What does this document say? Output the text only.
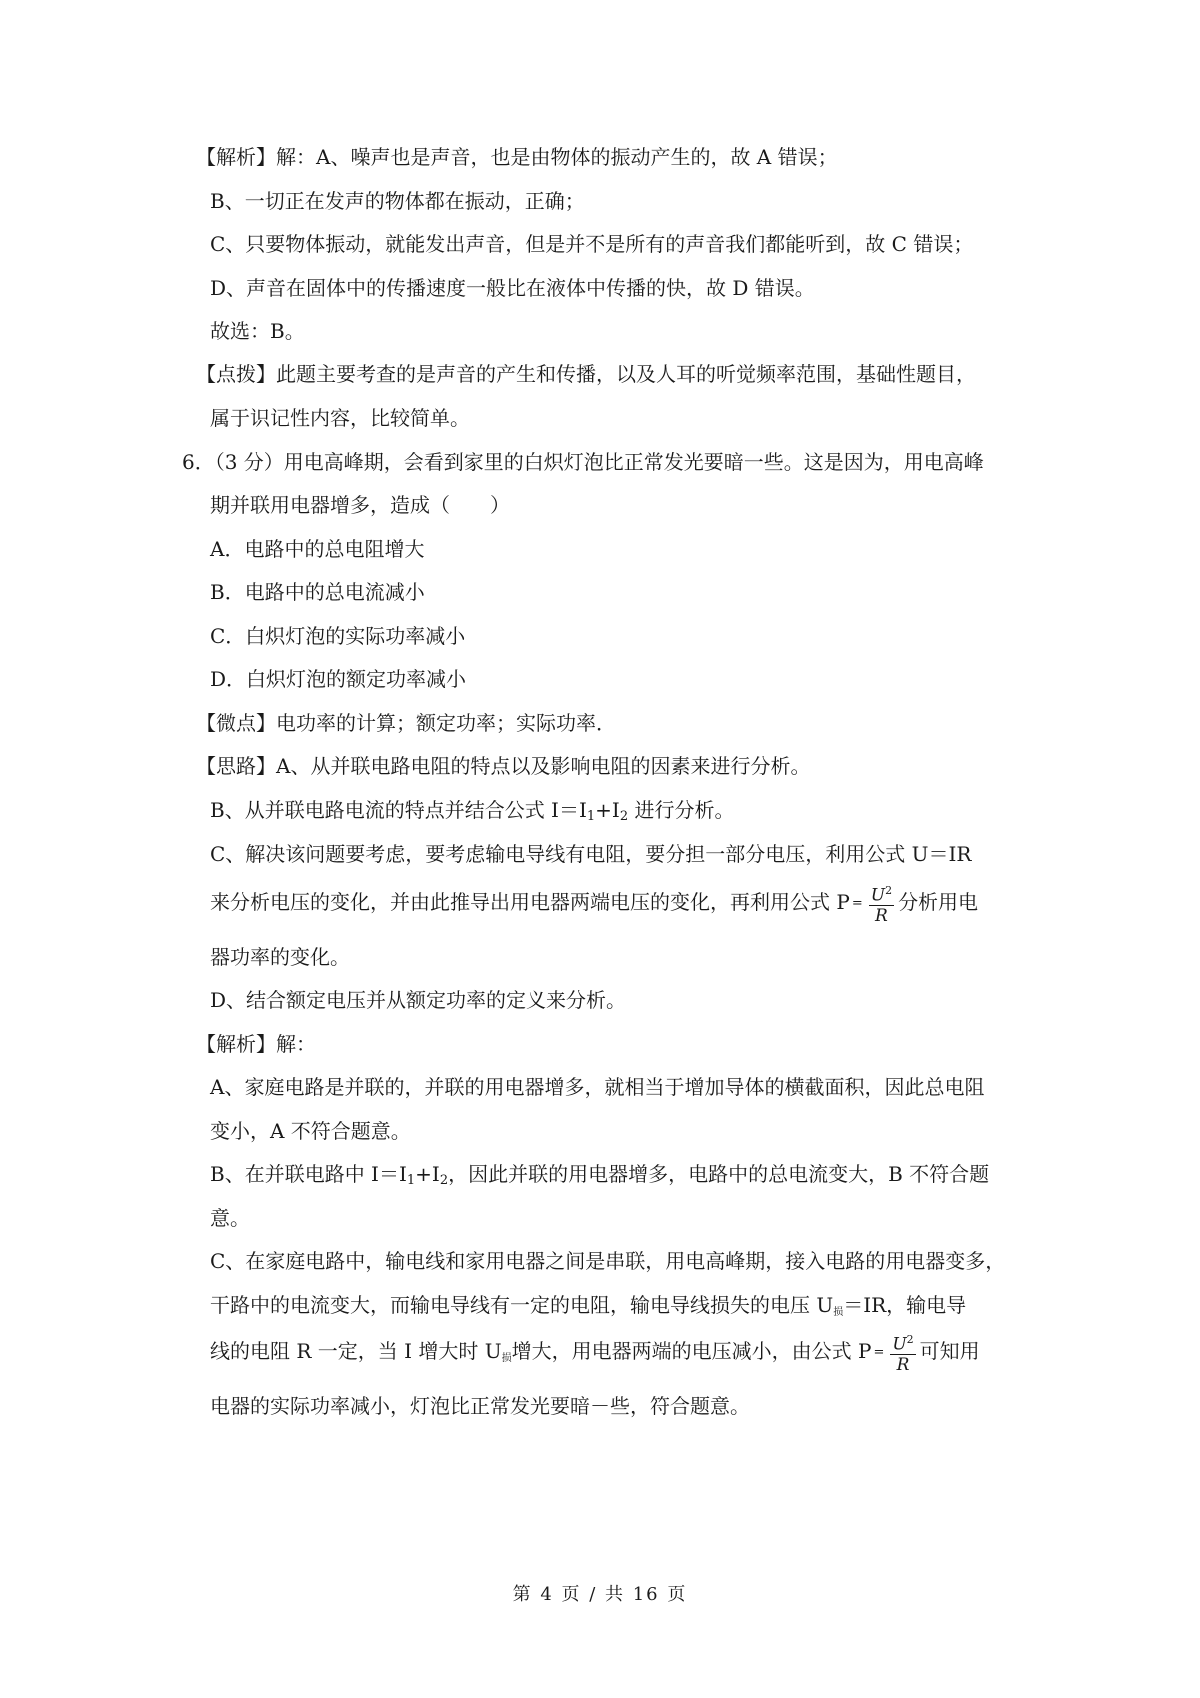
【解析】解：A、噪声也是声音，也是由物体的振动产生的，故 A 错误；
B、一切正在发声的物体都在振动，正确；
C、只要物体振动，就能发出声音，但是并不是所有的声音我们都能听到，故 C 错误；
D、声音在固体中的传播速度一般比在液体中传播的快，故 D 错误。
故选：B。
【点拨】此题主要考查的是声音的产生和传播，以及人耳的听觉频率范围，基础性题目，
属于识记性内容，比较简单。
6．（3 分）用电高峰期，会看到家里的白炽灯泡比正常发光要暗一些。这是因为，用电高峰
期并联用电器增多，造成（　　）
A．电路中的总电阻增大
B．电路中的总电流减小
C．白炽灯泡的实际功率减小
D．白炽灯泡的额定功率减小
【微点】电功率的计算；额定功率；实际功率．
【思路】A、从并联电路电阻的特点以及影响电阻的因素来进行分析。
B、从并联电路电流的特点并结合公式 $I=I_1+I_2$ 进行分析。
C、解决该问题要考虑，要考虑输电导线有电阻，要分担一部分电压，利用公式 U＝IR
来分析电压的变化，并由此推导出用电器两端电压的变化，再利用公式 $P = \frac{U^2}{R}$ 分析用电
器功率的变化。
D、结合额定电压并从额定功率的定义来分析。
【解析】解：
A、家庭电路是并联的，并联的用电器增多，就相当于增加导体的横截面积，因此总电阻
变小，A 不符合题意。
B、在并联电路中 $I=I_1+I_2$，因此并联的用电器增多，电路中的总电流变大，B 不符合题
意。
C、在家庭电路中，输电线和家用电器之间是串联，用电高峰期，接入电路的用电器变多，
干路中的电流变大，而输电导线有一定的电阻，输电导线损失的电压 $U_损=IR$，输电导
线的电阻 R 一定，当 I 增大时 $U_损$增大，用电器两端的电压减小，由公式 $P = \frac{U^2}{R}$ 可知用
电器的实际功率减小，灯泡比正常发光要暗－些，符合题意。
第 4 页 / 共 16 页
